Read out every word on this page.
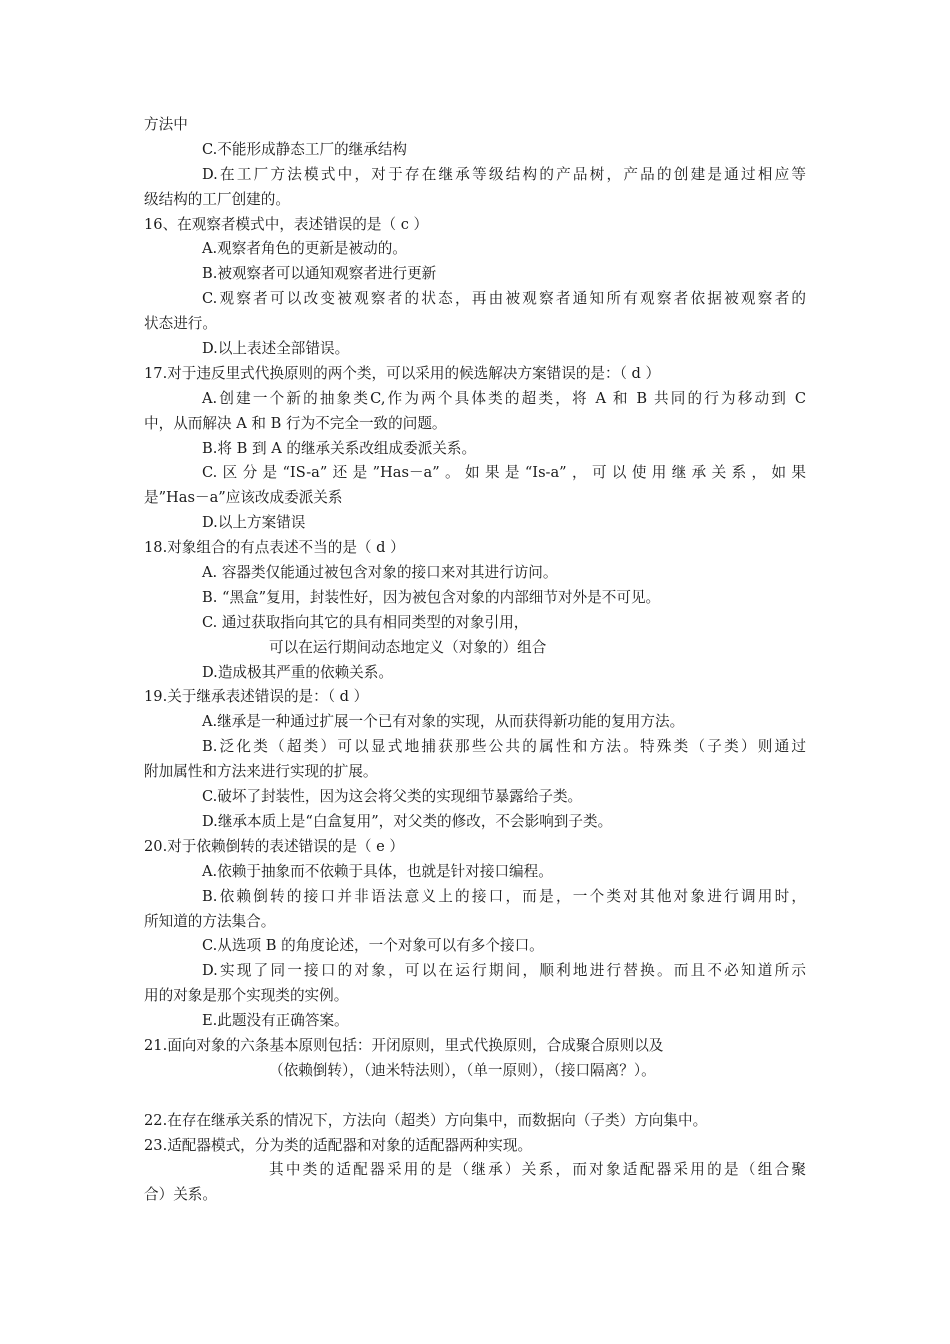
方法中
C.不能形成静态工厂的继承结构
D.在工厂方法模式中，对于存在继承等级结构的产品树，产品的创建是通过相应等
级结构的工厂创建的。
16、在观察者模式中，表述错误的是（ c ）
A.观察者角色的更新是被动的。
B.被观察者可以通知观察者进行更新
C.观察者可以改变被观察者的状态，再由被观察者通知所有观察者依据被观察者的
状态进行。
D.以上表述全部错误。
17.对于违反里式代换原则的两个类，可以采用的候选解决方案错误的是：（ d ）
A.创建一个新的抽象类C,作为两个具体类的超类，将 A 和 B 共同的行为移动到 C
中，从而解决 A 和 B 行为不完全一致的问题。
B.将 B 到 A 的继承关系改组成委派关系。
C.区分是“IS-a”还是”Has－a”。如果是“Is-a”，可以使用继承关系，如果
是”Has－a”应该改成委派关系
D.以上方案错误
18.对象组合的有点表述不当的是（ d ）
A. 容器类仅能通过被包含对象的接口来对其进行访问。
B. “黑盒”复用，封装性好，因为被包含对象的内部细节对外是不可见。
C. 通过获取指向其它的具有相同类型的对象引用，
可以在运行期间动态地定义（对象的）组合
D.造成极其严重的依赖关系。
19.关于继承表述错误的是：（ d ）
A.继承是一种通过扩展一个已有对象的实现，从而获得新功能的复用方法。
B.泛化类（超类）可以显式地捕获那些公共的属性和方法。特殊类（子类）则通过
附加属性和方法来进行实现的扩展。
C.破坏了封装性，因为这会将父类的实现细节暴露给子类。
D.继承本质上是“白盒复用”，对父类的修改，不会影响到子类。
20.对于依赖倒转的表述错误的是（ e ）
A.依赖于抽象而不依赖于具体，也就是针对接口编程。
B.依赖倒转的接口并非语法意义上的接口，而是，一个类对其他对象进行调用时，
所知道的方法集合。
C.从选项 B 的角度论述，一个对象可以有多个接口。
D.实现了同一接口的对象，可以在运行期间，顺利地进行替换。而且不必知道所示
用的对象是那个实现类的实例。
E.此题没有正确答案。
21.面向对象的六条基本原则包括：开闭原则，里式代换原则，合成聚合原则以及
（依赖倒转），（迪米特法则），（单一原则），（接口隔离？）。
22.在存在继承关系的情况下，方法向（超类）方向集中，而数据向（子类）方向集中。
23.适配器模式，分为类的适配器和对象的适配器两种实现。
其中类的适配器采用的是（继承）关系，而对象适配器采用的是（组合聚
合）关系。
